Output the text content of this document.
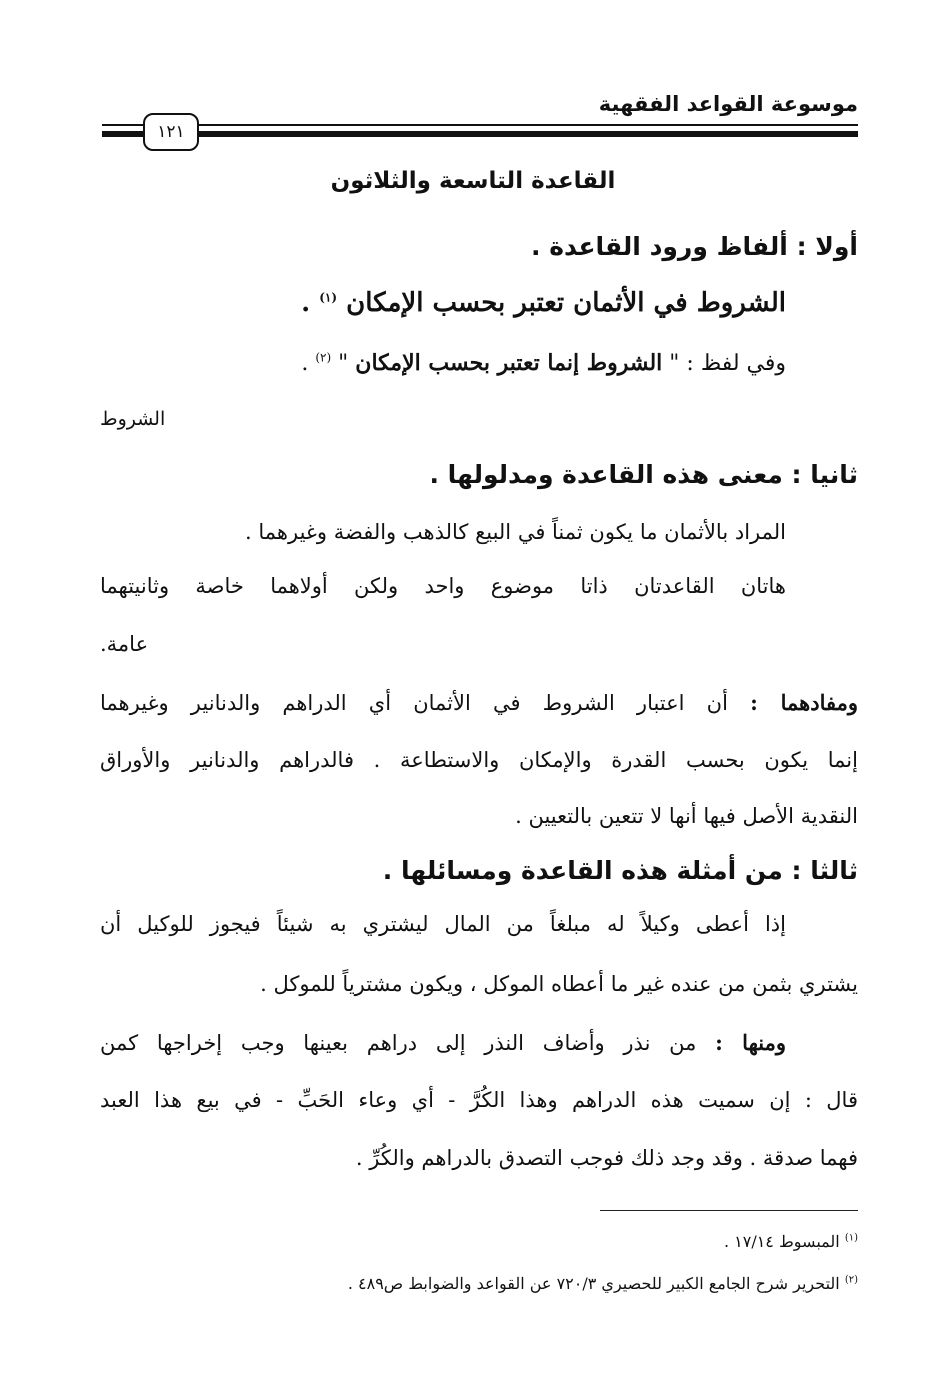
موسوعة القواعد الفقهية
١٢١
القاعدة التاسعة والثلاثون
أولا : ألفاظ ورود القاعدة .
الشروط في الأثمان تعتبر بحسب الإمكان $^{(١)}$ .
وفي لفظ : " الشروط إنما تعتبر بحسب الإمكان " $^{(٢)}$ .
الشروط
ثانيا : معنى هذه القاعدة ومدلولها .
المراد بالأثمان ما يكون ثمناً في البيع كالذهب والفضة وغيرهما .
هاتان القاعدتان ذاتا موضوع واحد ولكن أولاهما خاصة وثانيتهما
عامة.
ومفادهما : أن اعتبار الشروط في الأثمان أي الدراهم والدنانير وغيرهما
إنما يكون بحسب القدرة والإمكان والاستطاعة . فالدراهم والدنانير والأوراق
النقدية الأصل فيها أنها لا تتعين بالتعيين .
ثالثا : من أمثلة هذه القاعدة ومسائلها .
إذا أعطى وكيلاً له مبلغاً من المال ليشتري به شيئاً فيجوز للوكيل أن
يشتري بثمن من عنده غير ما أعطاه الموكل ، ويكون مشترياً للموكل .
ومنها : من نذر وأضاف النذر إلى دراهم بعينها وجب إخراجها كمن
قال : إن سميت هذه الدراهم وهذا الكُرَّ - أي وعاء الحَبِّ - في بيع هذا العبد
فهما صدقة . وقد وجد ذلك فوجب التصدق بالدراهم والكُرِّ .
$^{(١)}$ المبسوط ١٧/١٤ .
$^{(٢)}$ التحرير شرح الجامع الكبير للحصيري ٧٢٠/٣ عن القواعد والضوابط ص٤٨٩ .
